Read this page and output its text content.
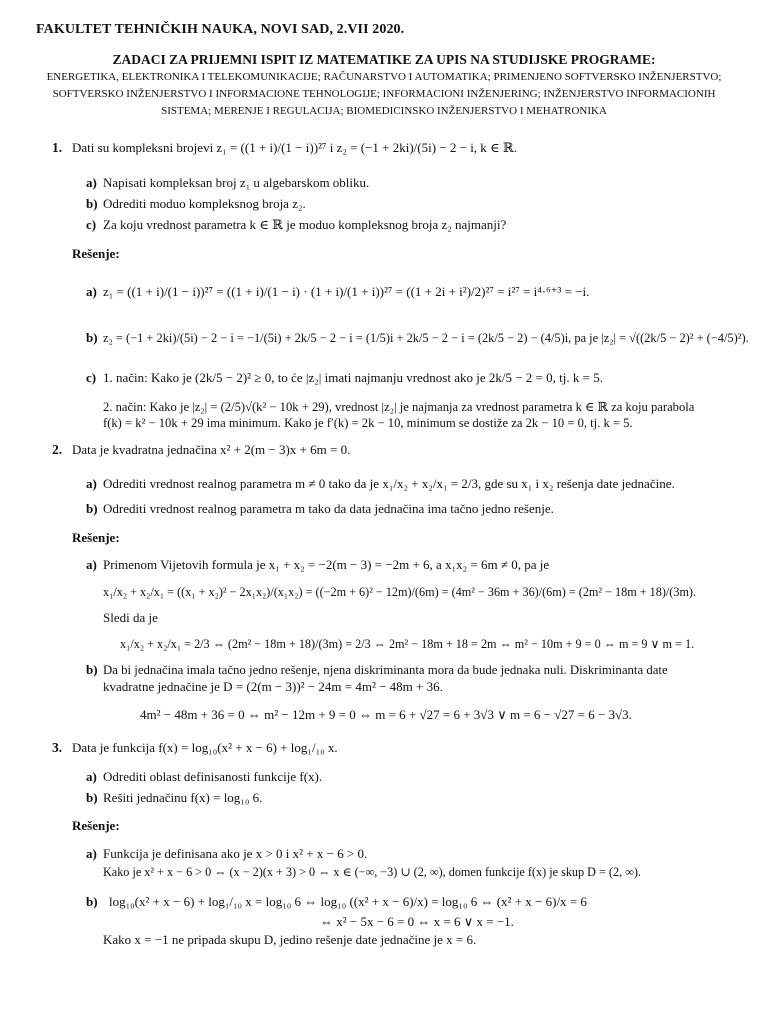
FAKULTET TEHNIČKIH NAUKA, NOVI SAD, 2.VII 2020.
ZADACI ZA PRIJEMNI ISPIT IZ MATEMATIKE ZA UPIS NA STUDIJSKE PROGRAME:
ENERGETIKA, ELEKTRONIKA I TELEKOMUNIKACIJE; RAČUNARSTVO I AUTOMATIKA; PRIMENJENO SOFTVERSKO INŽENJERSTVO; SOFTVERSKO INŽENJERSTVO I INFORMACIONE TEHNOLOGIJE; INFORMACIONI INŽENJERING; INŽENJERSTVO INFORMACIONIH SISTEMA; MERENJE I REGULACIJA; BIOMEDICINSKO INŽENJERSTVO I MEHATRONIKA
1. Dati su kompleksni brojevi z₁ = ((1 + i)/(1 − i))²⁷ i z₂ = (−1 + 2ki)/(5i) − 2 − i, k ∈ ℝ.
a) Napisati kompleksan broj z₁ u algebarskom obliku.
b) Odrediti moduo kompleksnog broja z₂.
c) Za koju vrednost parametra k ∈ ℝ je moduo kompleksnog broja z₂ najmanji?
Rešenje:
a) z₁ = ((1 + i)/(1 − i))²⁷ = ((1 + i)/(1 − i) · (1 + i)/(1 + i))²⁷ = ((1 + 2i + i²)/2)²⁷ = i²⁷ = i⁴·⁶⁺³ = −i.
b) z₂ = (−1 + 2ki)/(5i) − 2 − i = −1/(5i) + 2k/5 − 2 − i = (1/5)i + 2k/5 − 2 − i = (2k/5 − 2) − (4/5)i, pa je |z₂| = √((2k/5 − 2)² + (−4/5)²).
c) 1. način: Kako je (2k/5 − 2)² ≥ 0, to će |z₂| imati najmanju vrednost ako je 2k/5 − 2 = 0, tj. k = 5.
2. način: Kako je |z₂| = (2/5)√(k² − 10k + 29), vrednost |z₂| je najmanja za vrednost parametra k ∈ ℝ za koju parabola
f(k) = k² − 10k + 29 ima minimum. Kako je f′(k) = 2k − 10, minimum se dostiže za 2k − 10 = 0, tj. k = 5.
2. Data je kvadratna jednačina x² + 2(m − 3)x + 6m = 0.
a) Odrediti vrednost realnog parametra m ≠ 0 tako da je x₁/x₂ + x₂/x₁ = 2/3, gde su x₁ i x₂ rešenja date jednačine.
b) Odrediti vrednost realnog parametra m tako da data jednačina ima tačno jedno rešenje.
Rešenje:
a) Primenom Vijetovih formula je x₁ + x₂ = −2(m − 3) = −2m + 6, a x₁x₂ = 6m ≠ 0, pa je
x₁/x₂ + x₂/x₁ = ((x₁ + x₂)² − 2x₁x₂)/(x₁x₂) = ((−2m + 6)² − 12m)/(6m) = (4m² − 36m + 36)/(6m) = (2m² − 18m + 18)/(3m).
Sledi da je
x₁/x₂ + x₂/x₁ = 2/3 ⇔ (2m² − 18m + 18)/(3m) = 2/3 ⇔ 2m² − 18m + 18 = 2m ⇔ m² − 10m + 9 = 0 ⇔ m = 9 ∨ m = 1.
b) Da bi jednačina imala tačno jedno rešenje, njena diskriminanta mora da bude jednaka nuli. Diskriminanta date
kvadratne jednačine je D = (2(m − 3))² − 24m = 4m² − 48m + 36.
4m² − 48m + 36 = 0 ⇔ m² − 12m + 9 = 0 ⇔ m = 6 + √27 = 6 + 3√3 ∨ m = 6 − √27 = 6 − 3√3.
3. Data je funkcija f(x) = log₁₀(x² + x − 6) + log₁/₁₀ x.
a) Odrediti oblast definisanosti funkcije f(x).
b) Rešiti jednačinu f(x) = log₁₀ 6.
Rešenje:
a) Funkcija je definisana ako je x > 0 i x² + x − 6 > 0.
Kako je x² + x − 6 > 0 ⇔ (x − 2)(x + 3) > 0 ⇔ x ∈ (−∞, −3) ∪ (2, ∞), domen funkcije f(x) je skup D = (2, ∞).
b) log₁₀(x² + x − 6) + log₁/₁₀ x = log₁₀ 6 ⇔ log₁₀ ((x² + x − 6)/x) = log₁₀ 6 ⇔ (x² + x − 6)/x = 6
⇔ x² − 5x − 6 = 0 ⇔ x = 6 ∨ x = −1.
Kako x = −1 ne pripada skupu D, jedino rešenje date jednačine je x = 6.
